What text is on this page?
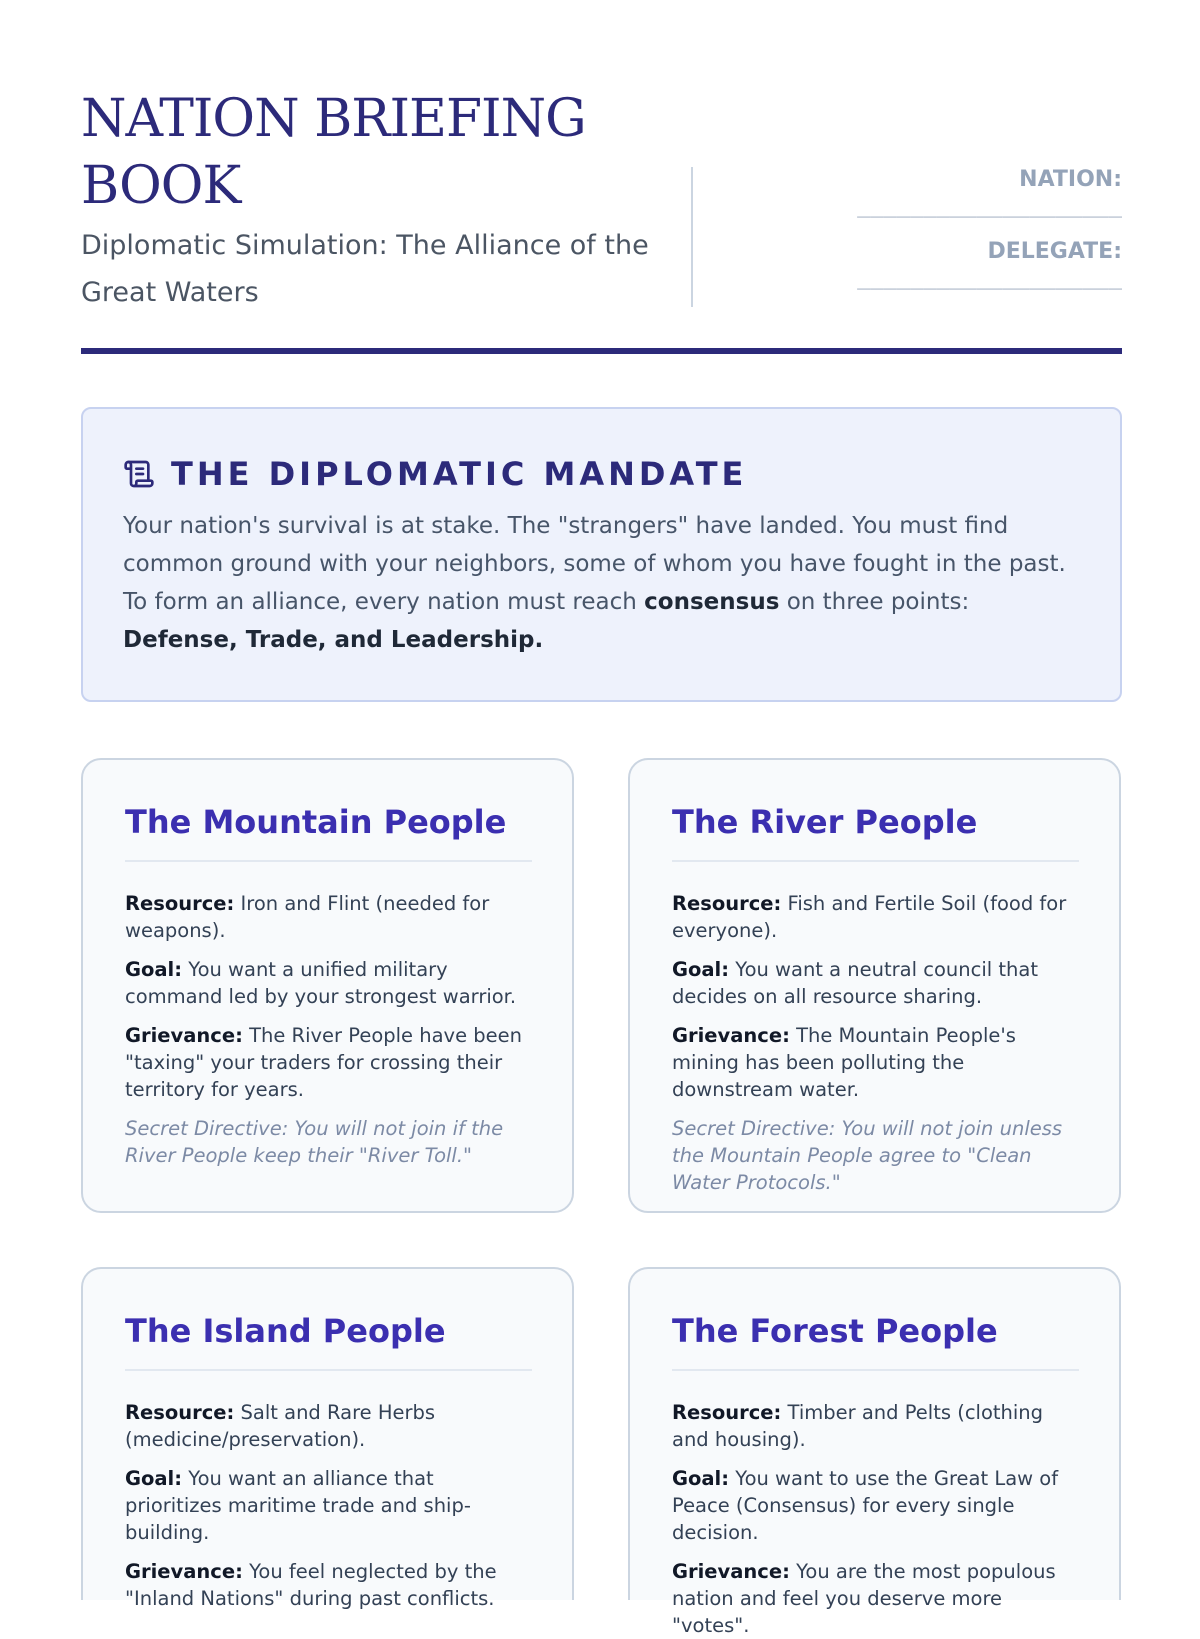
NATION BRIEFING BOOK
Diplomatic Simulation: The Alliance of the Great Waters
NATION:
____________________
DELEGATE:
____________________
THE DIPLOMATIC MANDATE

Your nation's survival is at stake. The "strangers" have landed. You must find common ground with your neighbors, some of whom you have fought in the past. To form an alliance, every nation must reach consensus on three points: Defense, Trade, and Leadership.

The Mountain People

Resource: Iron and Flint (needed for weapons).

Goal: You want a unified military command led by your strongest warrior.

Grievance: The River People have been "taxing" your traders for crossing their territory for years.

Secret Directive: You will not join if the River People keep their "River Toll."

The River People

Resource: Fish and Fertile Soil (food for everyone).

Goal: You want a neutral council that decides on all resource sharing.

Grievance: The Mountain People's mining has been polluting the downstream water.

Secret Directive: You will not join unless the Mountain People agree to "Clean Water Protocols."

The Island People

Resource: Salt and Rare Herbs (medicine/preservation).

Goal: You want an alliance that prioritizes maritime trade and ship-building.

Grievance: You feel neglected by the "Inland Nations" during past conflicts.

The Forest People

Resource: Timber and Pelts (clothing and housing).

Goal: You want to use the Great Law of Peace (Consensus) for every single decision.

Grievance: You are the most populous nation and feel you deserve more "votes".
